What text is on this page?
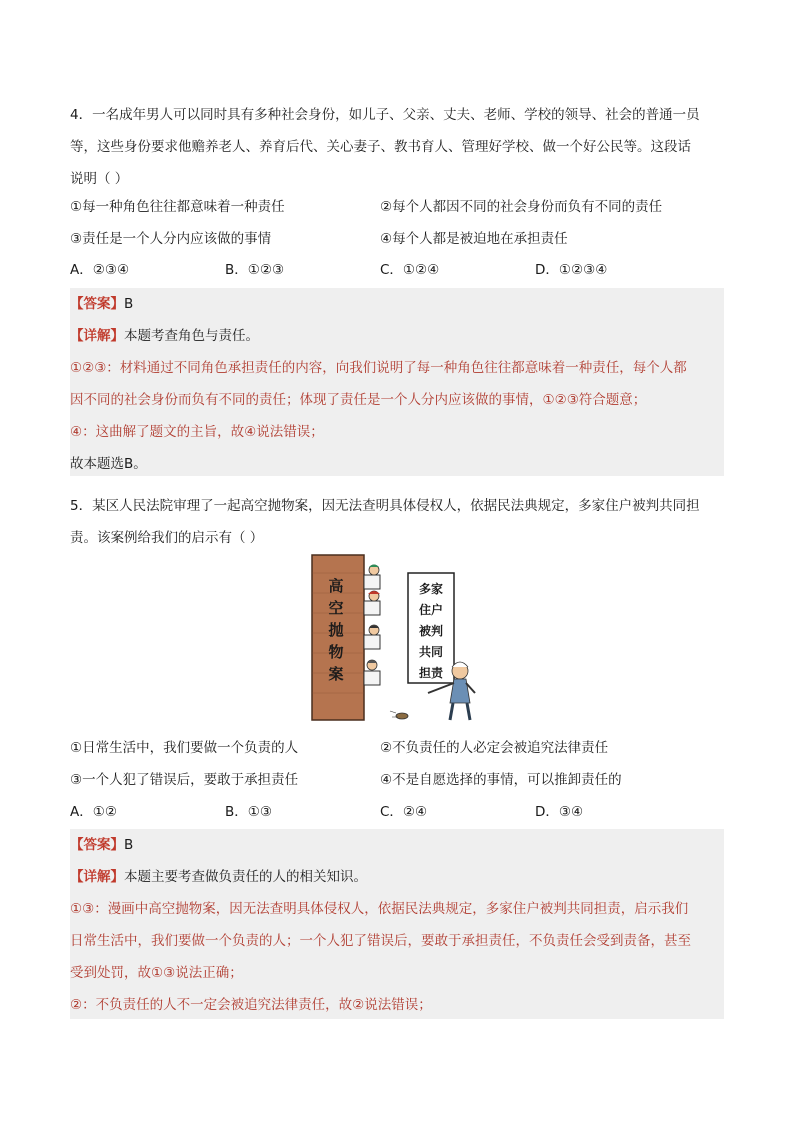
4．一名成年男人可以同时具有多种社会身份，如儿子、父亲、丈夫、老师、学校的领导、社会的普通一员
等，这些身份要求他赡养老人、养育后代、关心妻子、教书育人、管理好学校、做一个好公民等。这段话
说明（ ）
①每一种角色往往都意味着一种责任	②每个人都因不同的社会身份而负有不同的责任
③责任是一个人分内应该做的事情	④每个人都是被迫地在承担责任
A．②③④	B．①②③	C．①②④	D．①②③④
【答案】B
【详解】本题考查角色与责任。
①②③：材料通过不同角色承担责任的内容，向我们说明了每一种角色往往都意味着一种责任，每个人都
因不同的社会身份而负有不同的责任；体现了责任是一个人分内应该做的事情，①②③符合题意；
④：这曲解了题文的主旨，故④说法错误；
故本题选B。
5．某区人民法院审理了一起高空抛物案，因无法查明具体侵权人，依据民法典规定，多家住户被判共同担
责。该案例给我们的启示有（ ）
高
空
抛
物
案
多家
住户
被判
共同
担责
①日常生活中，我们要做一个负责的人	②不负责任的人必定会被追究法律责任
③一个人犯了错误后，要敢于承担责任	④不是自愿选择的事情，可以推卸责任的
A．①②	B．①③	C．②④	D．③④
【答案】B
【详解】本题主要考查做负责任的人的相关知识。
①③：漫画中高空抛物案，因无法查明具体侵权人，依据民法典规定，多家住户被判共同担责，启示我们
日常生活中，我们要做一个负责的人；一个人犯了错误后，要敢于承担责任，不负责任会受到责备，甚至
受到处罚，故①③说法正确；
②：不负责任的人不一定会被追究法律责任，故②说法错误；
